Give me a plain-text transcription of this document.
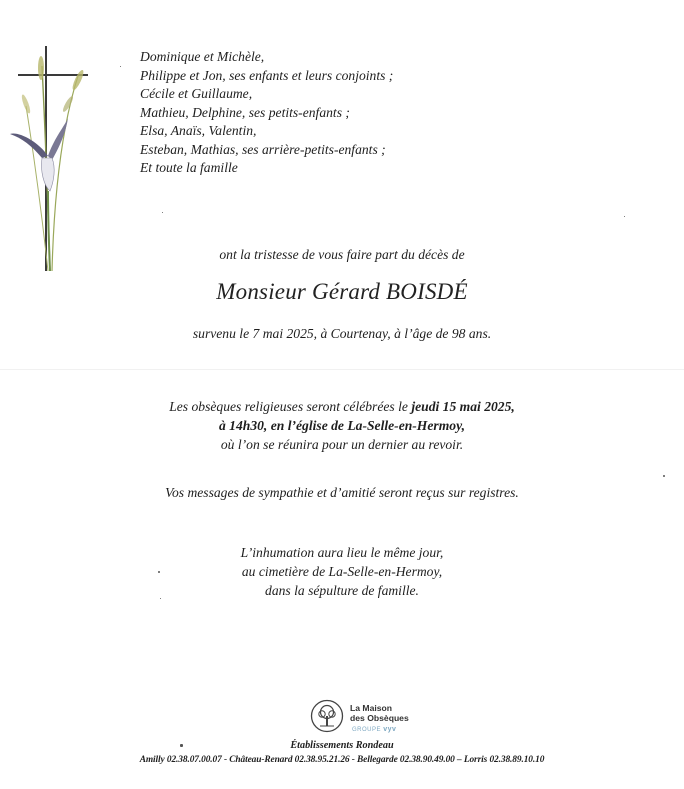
Dominique et Michèle,
Philippe et Jon, ses enfants et leurs conjoints ;
Cécile et Guillaume,
Mathieu, Delphine, ses petits-enfants ;
Elsa, Anaïs, Valentin,
Esteban, Mathias, ses arrière-petits-enfants ;
Et toute la famille
ont la tristesse de vous faire part du décès de
Monsieur Gérard BOISDÉ
survenu le 7 mai 2025, à Courtenay, à l’âge de 98 ans.
Les obsèques religieuses seront célébrées le jeudi 15 mai 2025,
à 14h30, en l’église de La-Selle-en-Hermoy,
où l’on se réunira pour un dernier au revoir.
Vos messages de sympathie et d’amitié seront reçus sur registres.
L’inhumation aura lieu le même jour,
au cimetière de La-Selle-en-Hermoy,
dans la sépulture de famille.
La Maison
des Obsèques
GROUPE vyv
Établissements Rondeau
Amilly 02.38.07.00.07 - Château-Renard 02.38.95.21.26 - Bellegarde 02.38.90.49.00 – Lorris 02.38.89.10.10
